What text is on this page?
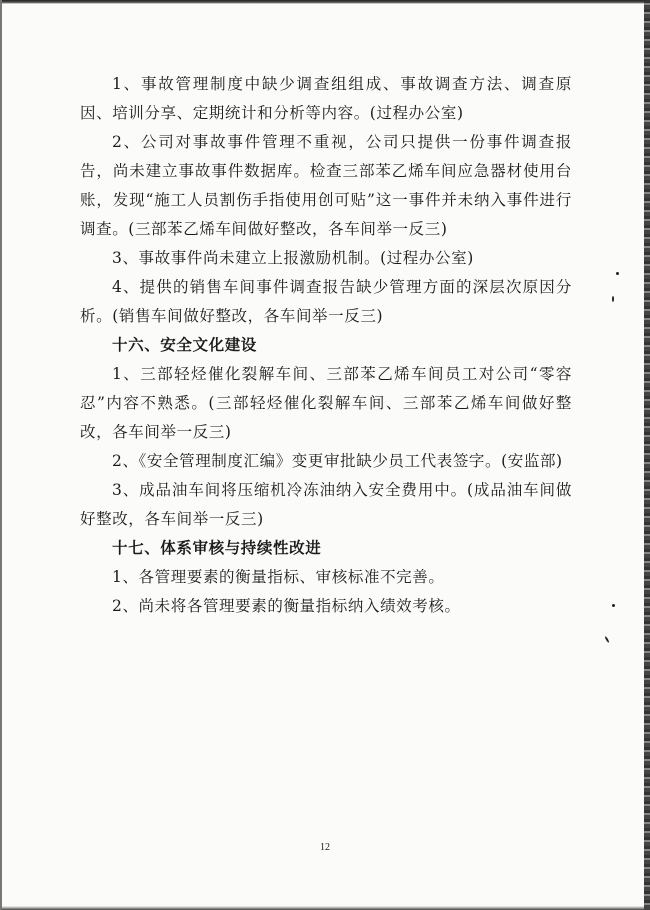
1、事故管理制度中缺少调查组组成、事故调查方法、调查原因、培训分享、定期统计和分析等内容。(过程办公室)

2、公司对事故事件管理不重视，公司只提供一份事件调查报告，尚未建立事故事件数据库。检查三部苯乙烯车间应急器材使用台账，发现“施工人员割伤手指使用创可贴”这一事件并未纳入事件进行调查。(三部苯乙烯车间做好整改，各车间举一反三)

3、事故事件尚未建立上报激励机制。(过程办公室)

4、提供的销售车间事件调查报告缺少管理方面的深层次原因分析。(销售车间做好整改，各车间举一反三)

十六、安全文化建设

1、三部轻烃催化裂解车间、三部苯乙烯车间员工对公司“零容忍”内容不熟悉。(三部轻烃催化裂解车间、三部苯乙烯车间做好整改，各车间举一反三)

2、《安全管理制度汇编》变更审批缺少员工代表签字。(安监部)

3、成品油车间将压缩机冷冻油纳入安全费用中。(成品油车间做好整改，各车间举一反三)

十七、体系审核与持续性改进

1、各管理要素的衡量指标、审核标准不完善。

2、尚未将各管理要素的衡量指标纳入绩效考核。

12
